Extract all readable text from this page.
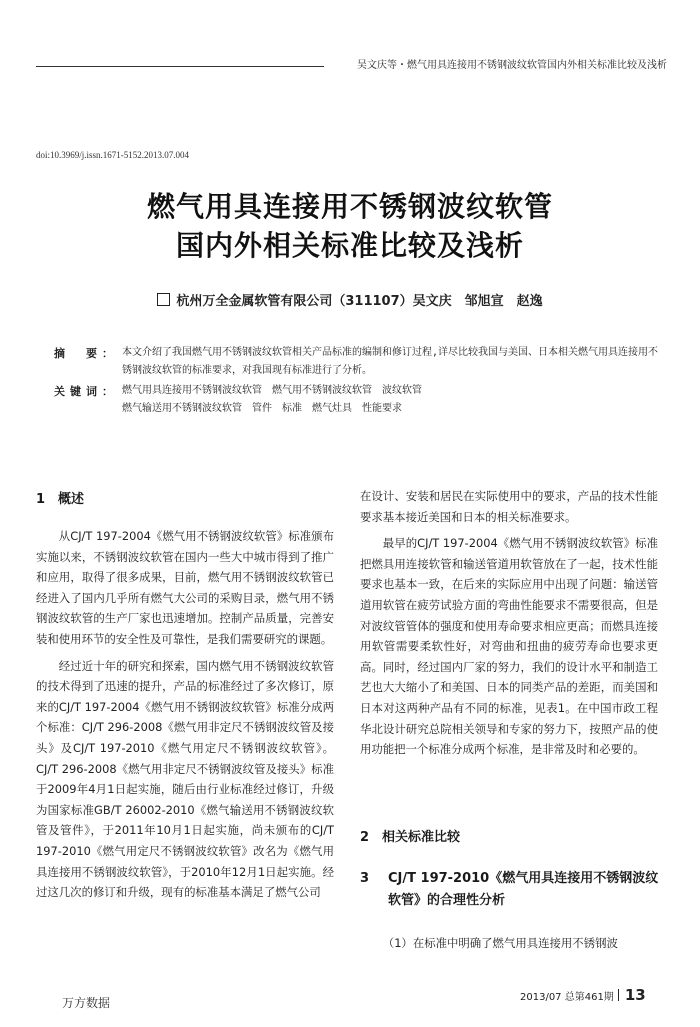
吴文庆等・燃气用具连接用不锈钢波纹软管国内外相关标准比较及浅析
doi:10.3969/j.issn.1671-5152.2013.07.004
燃气用具连接用不锈钢波纹软管
国内外相关标准比较及浅析
杭州万全金属软管有限公司（311107）吴文庆　邹旭宣　赵逸
摘　要： 本文介绍了我国燃气用不锈钢波纹软管相关产品标准的编制和修订过程,详尽比较我国与美国、日本相关燃气用具连接用不锈钢波纹软管的标准要求，对我国现有标准进行了分析。
关键词： 燃气用具连接用不锈钢波纹软管　燃气用不锈钢波纹软管　波纹软管
燃气输送用不锈钢波纹软管　管件　标准　燃气灶具　性能要求
1 概述

从CJ/T 197-2004《燃气用不锈钢波纹软管》标准颁布实施以来，不锈钢波纹软管在国内一些大中城市得到了推广和应用，取得了很多成果，目前，燃气用不锈钢波纹软管已经进入了国内几乎所有燃气大公司的采购目录，燃气用不锈钢波纹软管的生产厂家也迅速增加。控制产品质量，完善安装和使用环节的安全性及可靠性，是我们需要研究的课题。

经过近十年的研究和探索，国内燃气用不锈钢波纹软管的技术得到了迅速的提升，产品的标准经过了多次修订，原来的CJ/T 197-2004《燃气用不锈钢波纹软管》标准分成两个标准：CJ/T 296-2008《燃气用非定尺不锈钢波纹管及接头》及CJ/T 197-2010《燃气用定尺不锈钢波纹软管》。CJ/T 296-2008《燃气用非定尺不锈钢波纹管及接头》标准于2009年4月1日起实施，随后由行业标准经过修订，升级为国家标准GB/T 26002-2010《燃气输送用不锈钢波纹软管及管件》，于2011年10月1日起实施，尚未颁布的CJ/T 197-2010《燃气用定尺不锈钢波纹软管》改名为《燃气用具连接用不锈钢波纹软管》，于2010年12月1日起实施。经过这几次的修订和升级，现有的标准基本满足了燃气公司

在设计、安装和居民在实际使用中的要求，产品的技术性能要求基本接近美国和日本的相关标准要求。

最早的CJ/T 197-2004《燃气用不锈钢波纹软管》标准把燃具用连接软管和输送管道用软管放在了一起，技术性能要求也基本一致，在后来的实际应用中出现了问题：输送管道用软管在疲劳试验方面的弯曲性能要求不需要很高，但是对波纹管管体的强度和使用寿命要求相应更高；而燃具连接用软管需要柔软性好，对弯曲和扭曲的疲劳寿命也要求更高。同时，经过国内厂家的努力，我们的设计水平和制造工艺也大大缩小了和美国、日本的同类产品的差距，而美国和日本对这两种产品有不同的标准，见表1。在中国市政工程华北设计研究总院相关领导和专家的努力下，按照产品的使用功能把一个标准分成两个标准，是非常及时和必要的。

2 相关标准比较
3	CJ/T 197-2010《燃气用具连接用不锈钢波纹软管》的合理性分析

（1）在标准中明确了燃气用具连接用不锈钢波

2013/07 总第461期 13
万方数据
